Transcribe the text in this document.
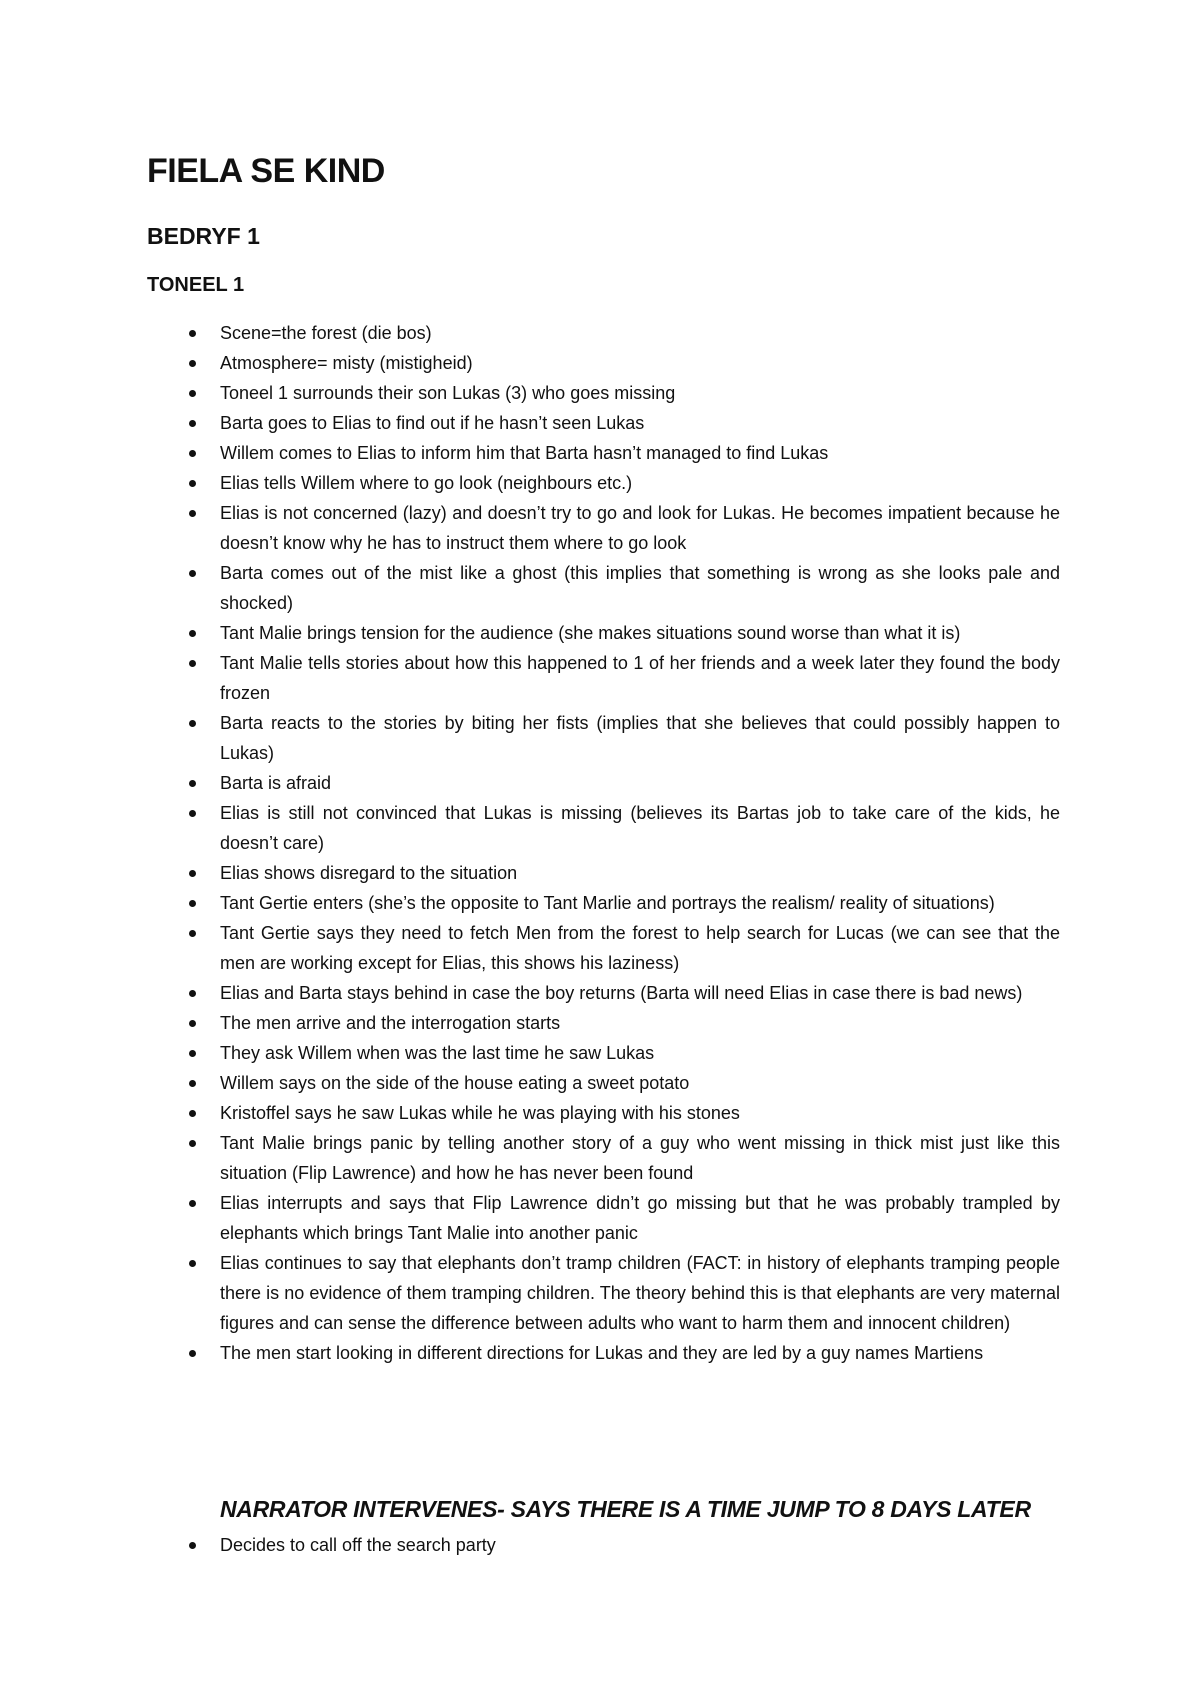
FIELA SE KIND
BEDRYF 1
TONEEL 1
Scene=the forest (die bos)
Atmosphere= misty (mistigheid)
Toneel 1 surrounds their son Lukas (3) who goes missing
Barta goes to Elias to find out if he hasn’t seen Lukas
Willem comes to Elias to inform him that Barta hasn’t managed to find Lukas
Elias tells Willem where to go look (neighbours etc.)
Elias is not concerned (lazy) and doesn’t try to go and look for Lukas. He becomes impatient because he doesn’t know why he has to instruct them where to go look
Barta comes out of the mist like a ghost (this implies that something is wrong as she looks pale and shocked)
Tant Malie brings tension for the audience (she makes situations sound worse than what it is)
Tant Malie tells stories about how this happened to 1 of her friends and a week later they found the body frozen
Barta reacts to the stories by biting her fists (implies that she believes that could possibly happen to Lukas)
Barta is afraid
Elias is still not convinced that Lukas is missing (believes its Bartas job to take care of the kids, he doesn’t care)
Elias shows disregard to the situation
Tant Gertie enters (she’s the opposite to Tant Marlie and portrays the realism/ reality of situations)
Tant Gertie says they need to fetch Men from the forest to help search for Lucas (we can see that the men are working except for Elias, this shows his laziness)
Elias and Barta stays behind in case the boy returns (Barta will need Elias in case there is bad news)
The men arrive and the interrogation starts
They ask Willem when was the last time he saw Lukas
Willem says on the side of the house eating a sweet potato
Kristoffel says he saw Lukas while he was playing with his stones
Tant Malie brings panic by telling another story of a guy who went missing in thick mist just like this situation (Flip Lawrence) and how he has never been found
Elias interrupts and says that Flip Lawrence didn’t go missing but that he was probably trampled by elephants which brings Tant Malie into another panic
Elias continues to say that elephants don’t tramp children (FACT: in history of elephants tramping people there is no evidence of them tramping children. The theory behind this is that elephants are very maternal figures and can sense the difference between adults who want to harm them and innocent children)
The men start looking in different directions for Lukas and they are led by a guy names Martiens

NARRATOR INTERVENES- SAYS THERE IS A TIME JUMP TO 8 DAYS LATER

Decides to call off the search party
